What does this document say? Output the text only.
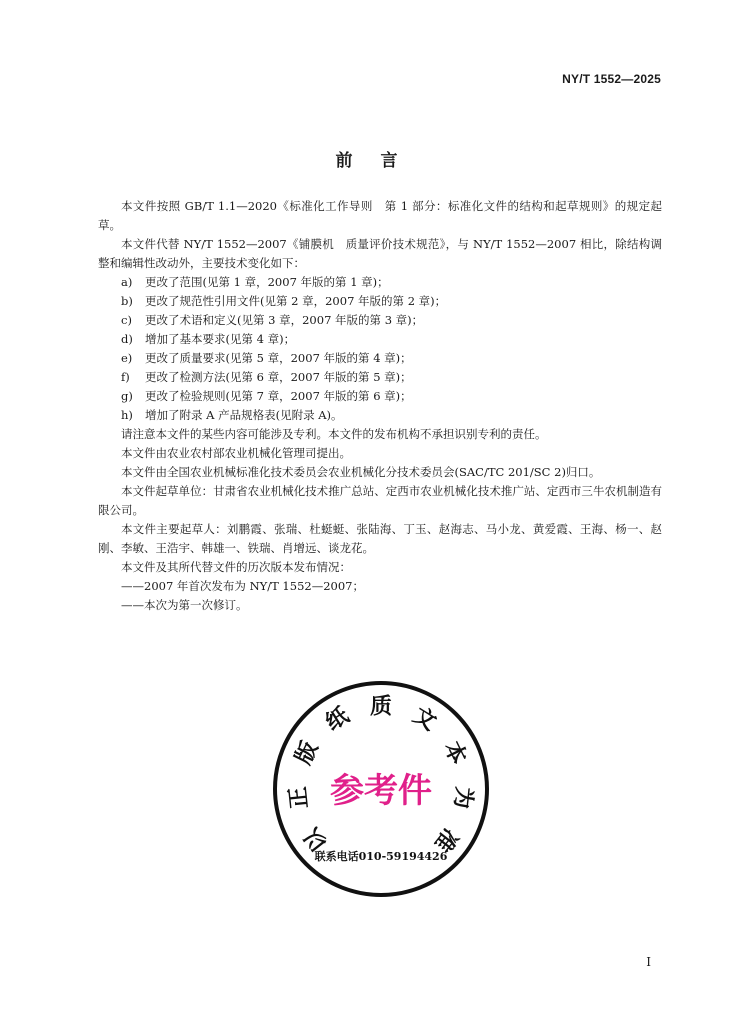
NY/T 1552—2025
前 言

本文件按照 GB/T 1.1—2020《标准化工作导则　第 1 部分：标准化文件的结构和起草规则》的规定起草。

本文件代替 NY/T 1552—2007《铺膜机　质量评价技术规范》，与 NY/T 1552—2007 相比，除结构调整和编辑性改动外，主要技术变化如下：

a)	更改了范围(见第 1 章，2007 年版的第 1 章)；
b)	更改了规范性引用文件(见第 2 章，2007 年版的第 2 章)；
c)	更改了术语和定义(见第 3 章，2007 年版的第 3 章)；
d)	增加了基本要求(见第 4 章)；
e)	更改了质量要求(见第 5 章，2007 年版的第 4 章)；
f)	更改了检测方法(见第 6 章，2007 年版的第 5 章)；
g)	更改了检验规则(见第 7 章，2007 年版的第 6 章)；
h)	增加了附录 A 产品规格表(见附录 A)。

请注意本文件的某些内容可能涉及专利。本文件的发布机构不承担识别专利的责任。

本文件由农业农村部农业机械化管理司提出。

本文件由全国农业机械标准化技术委员会农业机械化分技术委员会(SAC/TC 201/SC 2)归口。

本文件起草单位：甘肃省农业机械化技术推广总站、定西市农业机械化技术推广站、定西市三牛农机制造有限公司。

本文件主要起草人：刘鹏霞、张瑞、杜蜓蜓、张陆海、丁玉、赵海志、马小龙、黄爱霞、王海、杨一、赵刚、李敏、王浩宇、韩雄一、铁瑞、肖增远、谈龙花。

本文件及其所代替文件的历次版本发布情况：

——2007 年首次发布为 NY/T 1552—2007；

——本次为第一次修订。

以
正
版
纸 质 文
本
为
准
参考件
联系电话010-59194426
I
